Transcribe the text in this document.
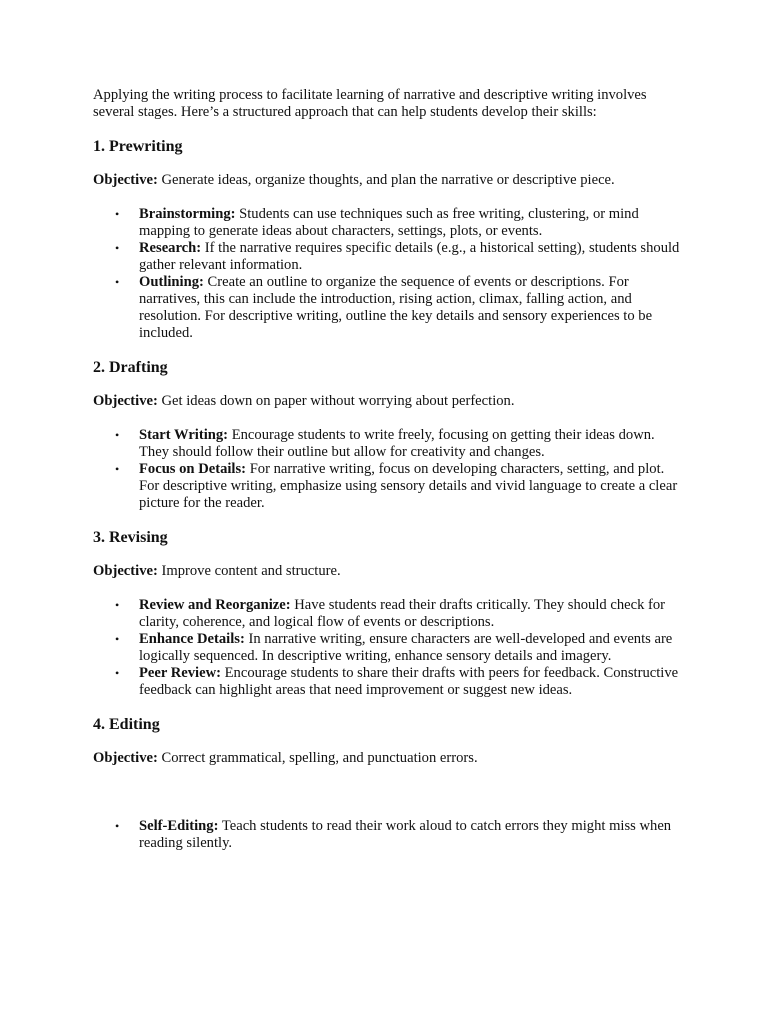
Applying the writing process to facilitate learning of narrative and descriptive writing involves several stages. Here’s a structured approach that can help students develop their skills:

1. Prewriting

Objective: Generate ideas, organize thoughts, and plan the narrative or descriptive piece.

• Brainstorming: Students can use techniques such as free writing, clustering, or mind mapping to generate ideas about characters, settings, plots, or events.
• Research: If the narrative requires specific details (e.g., a historical setting), students should gather relevant information.
• Outlining: Create an outline to organize the sequence of events or descriptions. For narratives, this can include the introduction, rising action, climax, falling action, and resolution. For descriptive writing, outline the key details and sensory experiences to be included.
2. Drafting

Objective: Get ideas down on paper without worrying about perfection.

• Start Writing: Encourage students to write freely, focusing on getting their ideas down. They should follow their outline but allow for creativity and changes.
• Focus on Details: For narrative writing, focus on developing characters, setting, and plot. For descriptive writing, emphasize using sensory details and vivid language to create a clear picture for the reader.
3. Revising

Objective: Improve content and structure.

• Review and Reorganize: Have students read their drafts critically. They should check for clarity, coherence, and logical flow of events or descriptions.
• Enhance Details: In narrative writing, ensure characters are well-developed and events are logically sequenced. In descriptive writing, enhance sensory details and imagery.
• Peer Review: Encourage students to share their drafts with peers for feedback. Constructive feedback can highlight areas that need improvement or suggest new ideas.
4. Editing

Objective: Correct grammatical, spelling, and punctuation errors.

• Self-Editing: Teach students to read their work aloud to catch errors they might miss when reading silently.
